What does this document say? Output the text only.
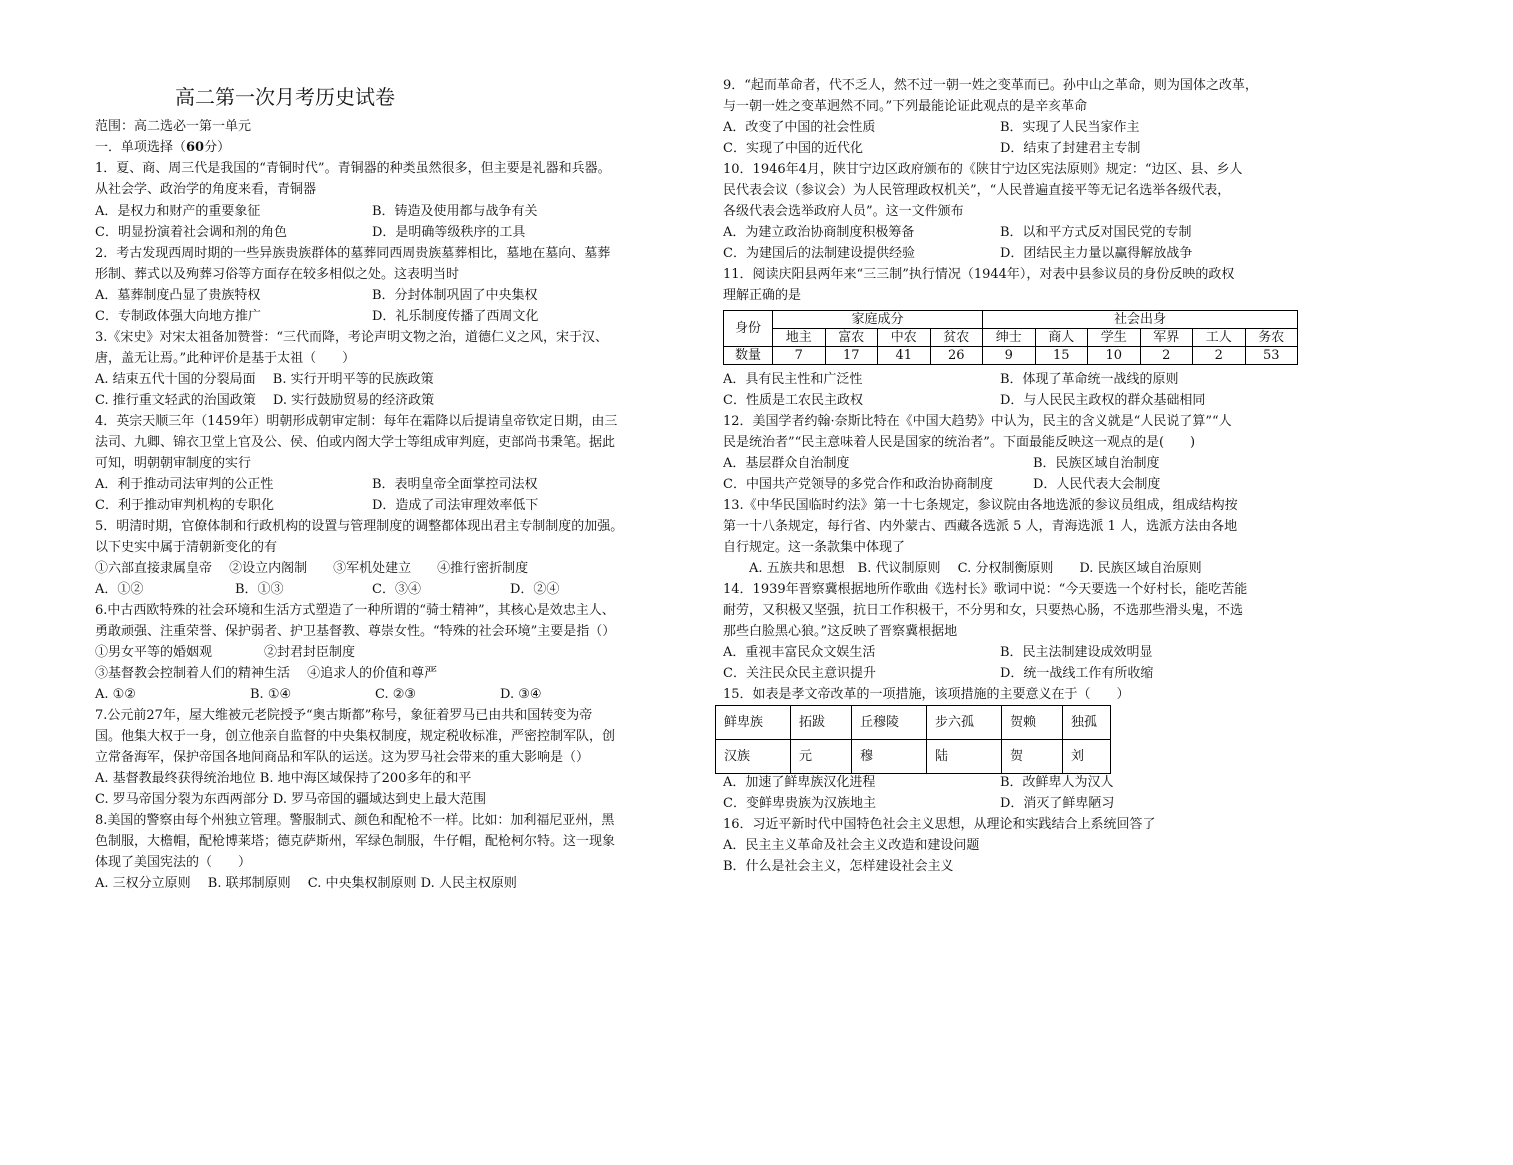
高二第一次月考历史试卷
范围：高二选必一第一单元
一．单项选择（60分）
1．夏、商、周三代是我国的“青铜时代”。青铜器的种类虽然很多，但主要是礼器和兵器。
从社会学、政治学的角度来看，青铜器
A．是权力和财产的重要象征	B．铸造及使用都与战争有关
C．明显扮演着社会调和剂的角色	D．是明确等级秩序的工具
2．考古发现西周时期的一些异族贵族群体的墓葬同西周贵族墓葬相比，墓地在墓向、墓葬
形制、葬式以及殉葬习俗等方面存在较多相似之处。这表明当时
A．墓葬制度凸显了贵族特权	B．分封体制巩固了中央集权
C．专制政体强大向地方推广	D．礼乐制度传播了西周文化
3.《宋史》对宋太祖备加赞誉：“三代而降，考论声明文物之治，道德仁义之风，宋于汉、
唐，盖无让焉。”此种评价是基于太祖（　　）
A. 结束五代十国的分裂局面　 B. 实行开明平等的民族政策
C. 推行重文轻武的治国政策　 D. 实行鼓励贸易的经济政策
4．英宗天顺三年（1459年）明朝形成朝审定制：每年在霜降以后提请皇帝钦定日期，由三
法司、九卿、锦衣卫堂上官及公、侯、伯或内阁大学士等组成审判庭，吏部尚书秉笔。据此
可知，明朝朝审制度的实行
A．利于推动司法审判的公正性	B．表明皇帝全面掌控司法权
C．利于推动审判机构的专职化	D．造成了司法审理效率低下
5．明清时期，官僚体制和行政机构的设置与管理制度的调整都体现出君主专制制度的加强。
以下史实中属于清朝新变化的有
①六部直接隶属皇帝　 ②设立内阁制　　③军机处建立　　④推行密折制度
A．①②	B．①③	C．③④	D．②④
6.中古西欧特殊的社会环境和生活方式塑造了一种所谓的“骑士精神”，其核心是效忠主人、
勇敢顽强、注重荣誉、保护弱者、护卫基督教、尊崇女性。“特殊的社会环境”主要是指（）
①男女平等的婚姻观　　　　②封君封臣制度
③基督教会控制着人们的精神生活　 ④追求人的价值和尊严
A. ①②	B. ①④	C. ②③	D. ③④
7.公元前27年，屋大维被元老院授予“奥古斯都”称号，象征着罗马已由共和国转变为帝
国。他集大权于一身，创立他亲自监督的中央集权制度，规定税收标准，严密控制军队，创
立常备海军，保护帝国各地间商品和军队的运送。这为罗马社会带来的重大影响是（）
A. 基督教最终获得统治地位 B. 地中海区域保持了200多年的和平
C. 罗马帝国分裂为东西两部分 D. 罗马帝国的疆域达到史上最大范围
8.美国的警察由每个州独立管理。警服制式、颜色和配枪不一样。比如：加利福尼亚州，黑
色制服，大檐帽，配枪博莱塔；德克萨斯州，军绿色制服，牛仔帽，配枪柯尔特。这一现象
体现了美国宪法的（　　）
A. 三权分立原则　 B. 联邦制原则　 C. 中央集权制原则 D. 人民主权原则
9．“起而革命者，代不乏人，然不过一朝一姓之变革而已。孙中山之革命，则为国体之改革，
与一朝一姓之变革迥然不同。”下列最能论证此观点的是辛亥革命
A．改变了中国的社会性质	B．实现了人民当家作主
C．实现了中国的近代化	D．结束了封建君主专制
10．1946年4月，陕甘宁边区政府颁布的《陕甘宁边区宪法原则》规定：“边区、县、乡人
民代表会议（参议会）为人民管理政权机关”，“人民普遍直接平等无记名选举各级代表，
各级代表会选举政府人员”。这一文件颁布
A．为建立政治协商制度积极筹备	B．以和平方式反对国民党的专制
C．为建国后的法制建设提供经验	D．团结民主力量以赢得解放战争
11．阅读庆阳县两年来“三三制”执行情况（1944年），对表中县参议员的身份反映的政权
理解正确的是
身份	家庭成分				社会出身					
	地主	富农	中农	贫农	绅士	商人	学生	军界	工人	务农
数量	7	17	41	26	9	15	10	2	2	53
A．具有民主性和广泛性	B．体现了革命统一战线的原则
C．性质是工农民主政权	D．与人民民主政权的群众基础相同
12．美国学者约翰·奈斯比特在《中国大趋势》中认为，民主的含义就是“人民说了算”“人
民是统治者”“民主意味着人民是国家的统治者”。下面最能反映这一观点的是(　　)
A．基层群众自治制度	B．民族区域自治制度
C．中国共产党领导的多党合作和政治协商制度	D．人民代表大会制度
13.《中华民国临时约法》第一十七条规定，参议院由各地选派的参议员组成，组成结构按
第一十八条规定，每行省、内外蒙古、西藏各选派 5 人，青海选派 1 人，选派方法由各地
自行规定。这一条款集中体现了
A. 五族共和思想　B. 代议制原则　 C. 分权制衡原则　　D. 民族区域自治原则
14．1939年晋察冀根据地所作歌曲《选村长》歌词中说：“今天要选一个好村长，能吃苦能
耐劳，又积极又坚强，抗日工作积极干，不分男和女，只要热心肠，不选那些滑头鬼，不选
那些白脸黑心狼。”这反映了晋察冀根据地
A．重视丰富民众文娱生活	B．民主法制建设成效明显
C．关注民众民主意识提升	D．统一战线工作有所收缩
15．如表是孝文帝改革的一项措施，该项措施的主要意义在于（　　）
鲜卑族	拓跋	丘穆陵	步六孤	贺赖	独孤
汉族	元	穆	陆	贺	刘
A．加速了鲜卑族汉化进程	B．改鲜卑人为汉人
C．变鲜卑贵族为汉族地主	D．消灭了鲜卑陋习
16．习近平新时代中国特色社会主义思想，从理论和实践结合上系统回答了
A．民主主义革命及社会主义改造和建设问题
B．什么是社会主义，怎样建设社会主义
